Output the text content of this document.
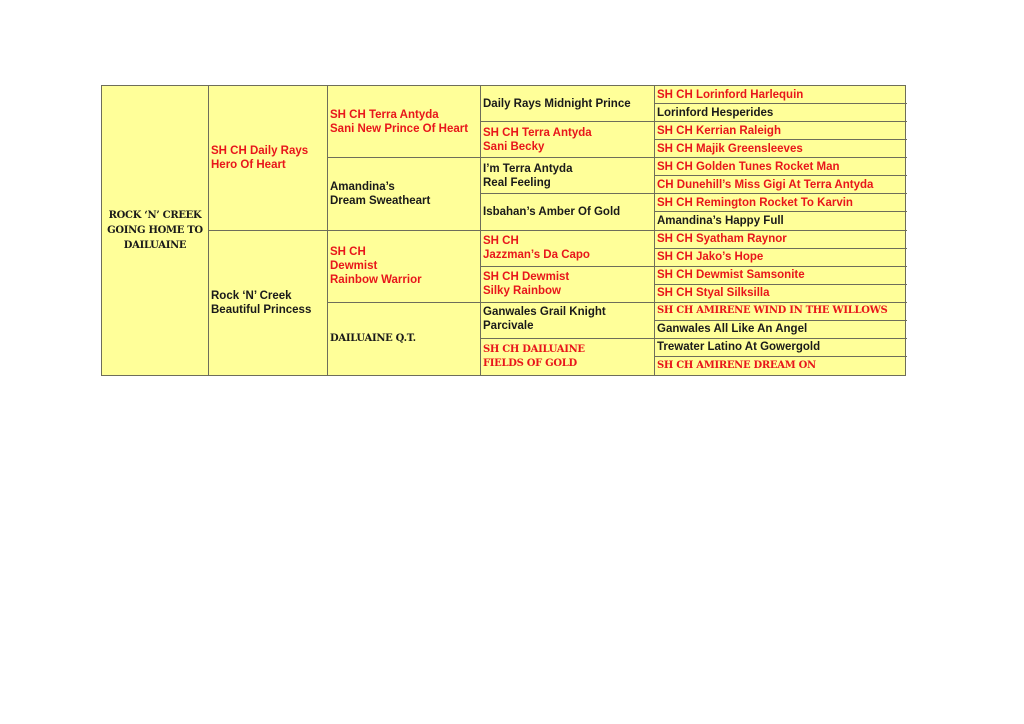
ROCK ‘N’ CREEK
GOING HOME TO
DAILUAINE
SH CH Daily Rays
Hero Of Heart
Rock ‘N’ Creek
Beautiful Princess
SH CH Terra Antyda
Sani New Prince Of Heart
Amandina’s
Dream Sweatheart
SH CH
Dewmist
Rainbow Warrior
DAILUAINE Q.T.
Daily Rays Midnight Prince
SH CH Terra Antyda
Sani Becky
I’m Terra Antyda
Real Feeling
Isbahan’s Amber Of Gold
SH CH
Jazzman’s Da Capo
SH CH Dewmist
Silky Rainbow
Ganwales Grail Knight
Parcivale
SH CH DAILUAINE
FIELDS OF GOLD
SH CH Lorinford Harlequin
Lorinford Hesperides
SH CH Kerrian Raleigh
SH CH Majik Greensleeves
SH CH Golden Tunes Rocket Man
CH Dunehill’s Miss Gigi At Terra Antyda
SH CH Remington Rocket To Karvin
Amandina’s Happy Full
SH CH Syatham Raynor
SH CH Jako’s Hope
SH CH Dewmist Samsonite
SH CH Styal Silksilla
SH CH AMIRENE WIND IN THE WILLOWS
Ganwales All Like An Angel
Trewater Latino At Gowergold
SH CH AMIRENE DREAM ON
